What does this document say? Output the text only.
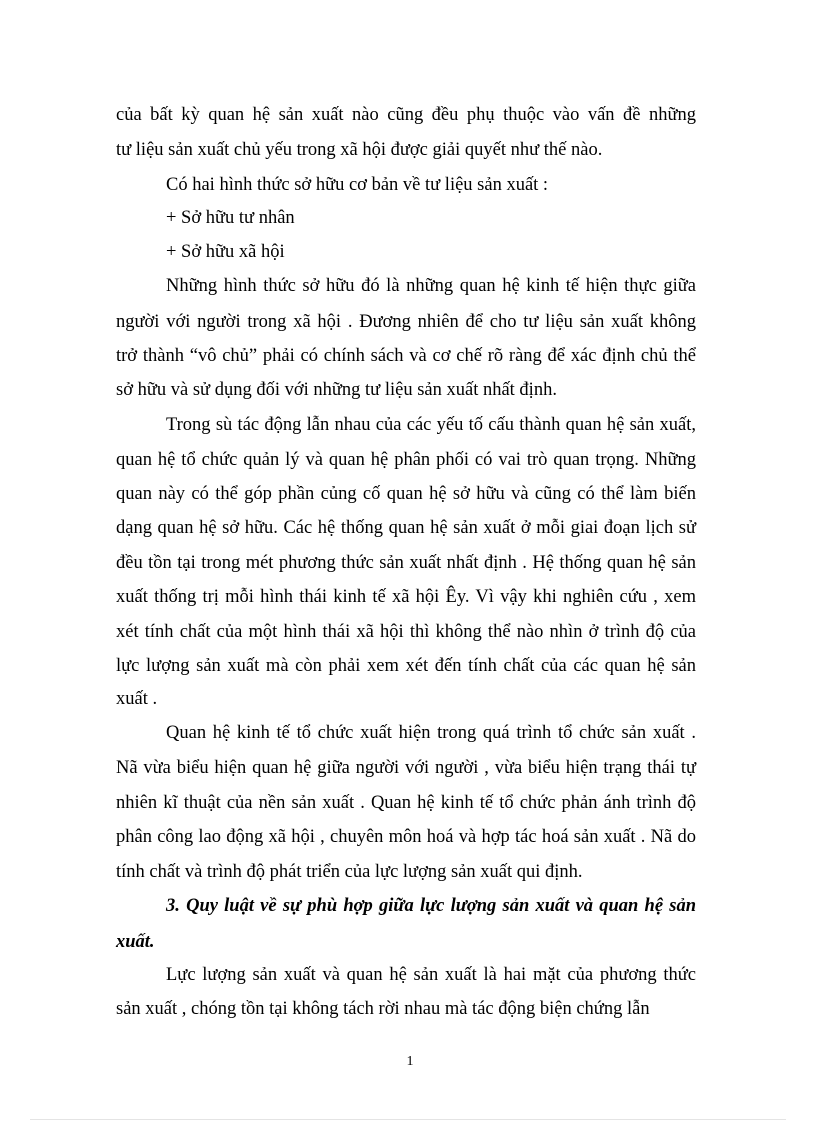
của bất kỳ quan hệ sản xuất nào cũng đều phụ thuộc vào vấn đề những
tư liệu sản xuất chủ yếu trong xã hội được giải quyết như thế nào.
Có hai hình thức sở hữu cơ bản về tư liệu sản xuất :
+ Sở hữu tư nhân
+ Sở hữu xã hội
Những hình thức sở hữu đó là những quan hệ kinh tế hiện thực giữa
người với người trong xã hội . Đương nhiên để cho tư liệu sản xuất không
trở thành “vô chủ” phải có chính sách và cơ chế rõ ràng để xác định chủ thể
sở hữu và sử dụng đối với những tư liệu sản xuất nhất định.
Trong sù tác động lẫn nhau của các yếu tố cấu thành quan hệ sản xuất,
quan hệ tổ chức quản lý và quan hệ phân phối có vai trò quan trọng. Những
quan này có thể góp phần củng cố quan hệ sở hữu và cũng có thể làm biến
dạng quan hệ sở hữu. Các hệ thống quan hệ sản xuất ở mỗi giai đoạn lịch sử
đều tồn tại trong mét phương thức sản xuất nhất định . Hệ thống quan hệ sản
xuất thống trị mỗi hình thái kinh tế xã hội Êy. Vì vậy khi nghiên cứu , xem
xét tính chất của một hình thái xã hội thì không thể nào nhìn ở trình độ của
lực lượng sản xuất mà còn phải xem xét đến tính chất của các quan hệ sản
xuất .
Quan hệ kinh tế tổ chức xuất hiện trong quá trình tổ chức sản xuất .
Nã vừa biểu hiện quan hệ giữa người với người , vừa biểu hiện trạng thái tự
nhiên kĩ thuật của nền sản xuất . Quan hệ kinh tế tổ chức phản ánh trình độ
phân công lao động xã hội , chuyên môn hoá và hợp tác hoá sản xuất . Nã do
tính chất và trình độ phát triển của lực lượng sản xuất qui định.
3. Quy luật về sự phù hợp giữa lực lượng sản xuất và quan hệ sản
xuất.
Lực lượng sản xuất và quan hệ sản xuất là hai mặt của phương thức
sản xuất , chóng tồn tại không tách rời nhau mà tác động biện chứng lẫn
1
